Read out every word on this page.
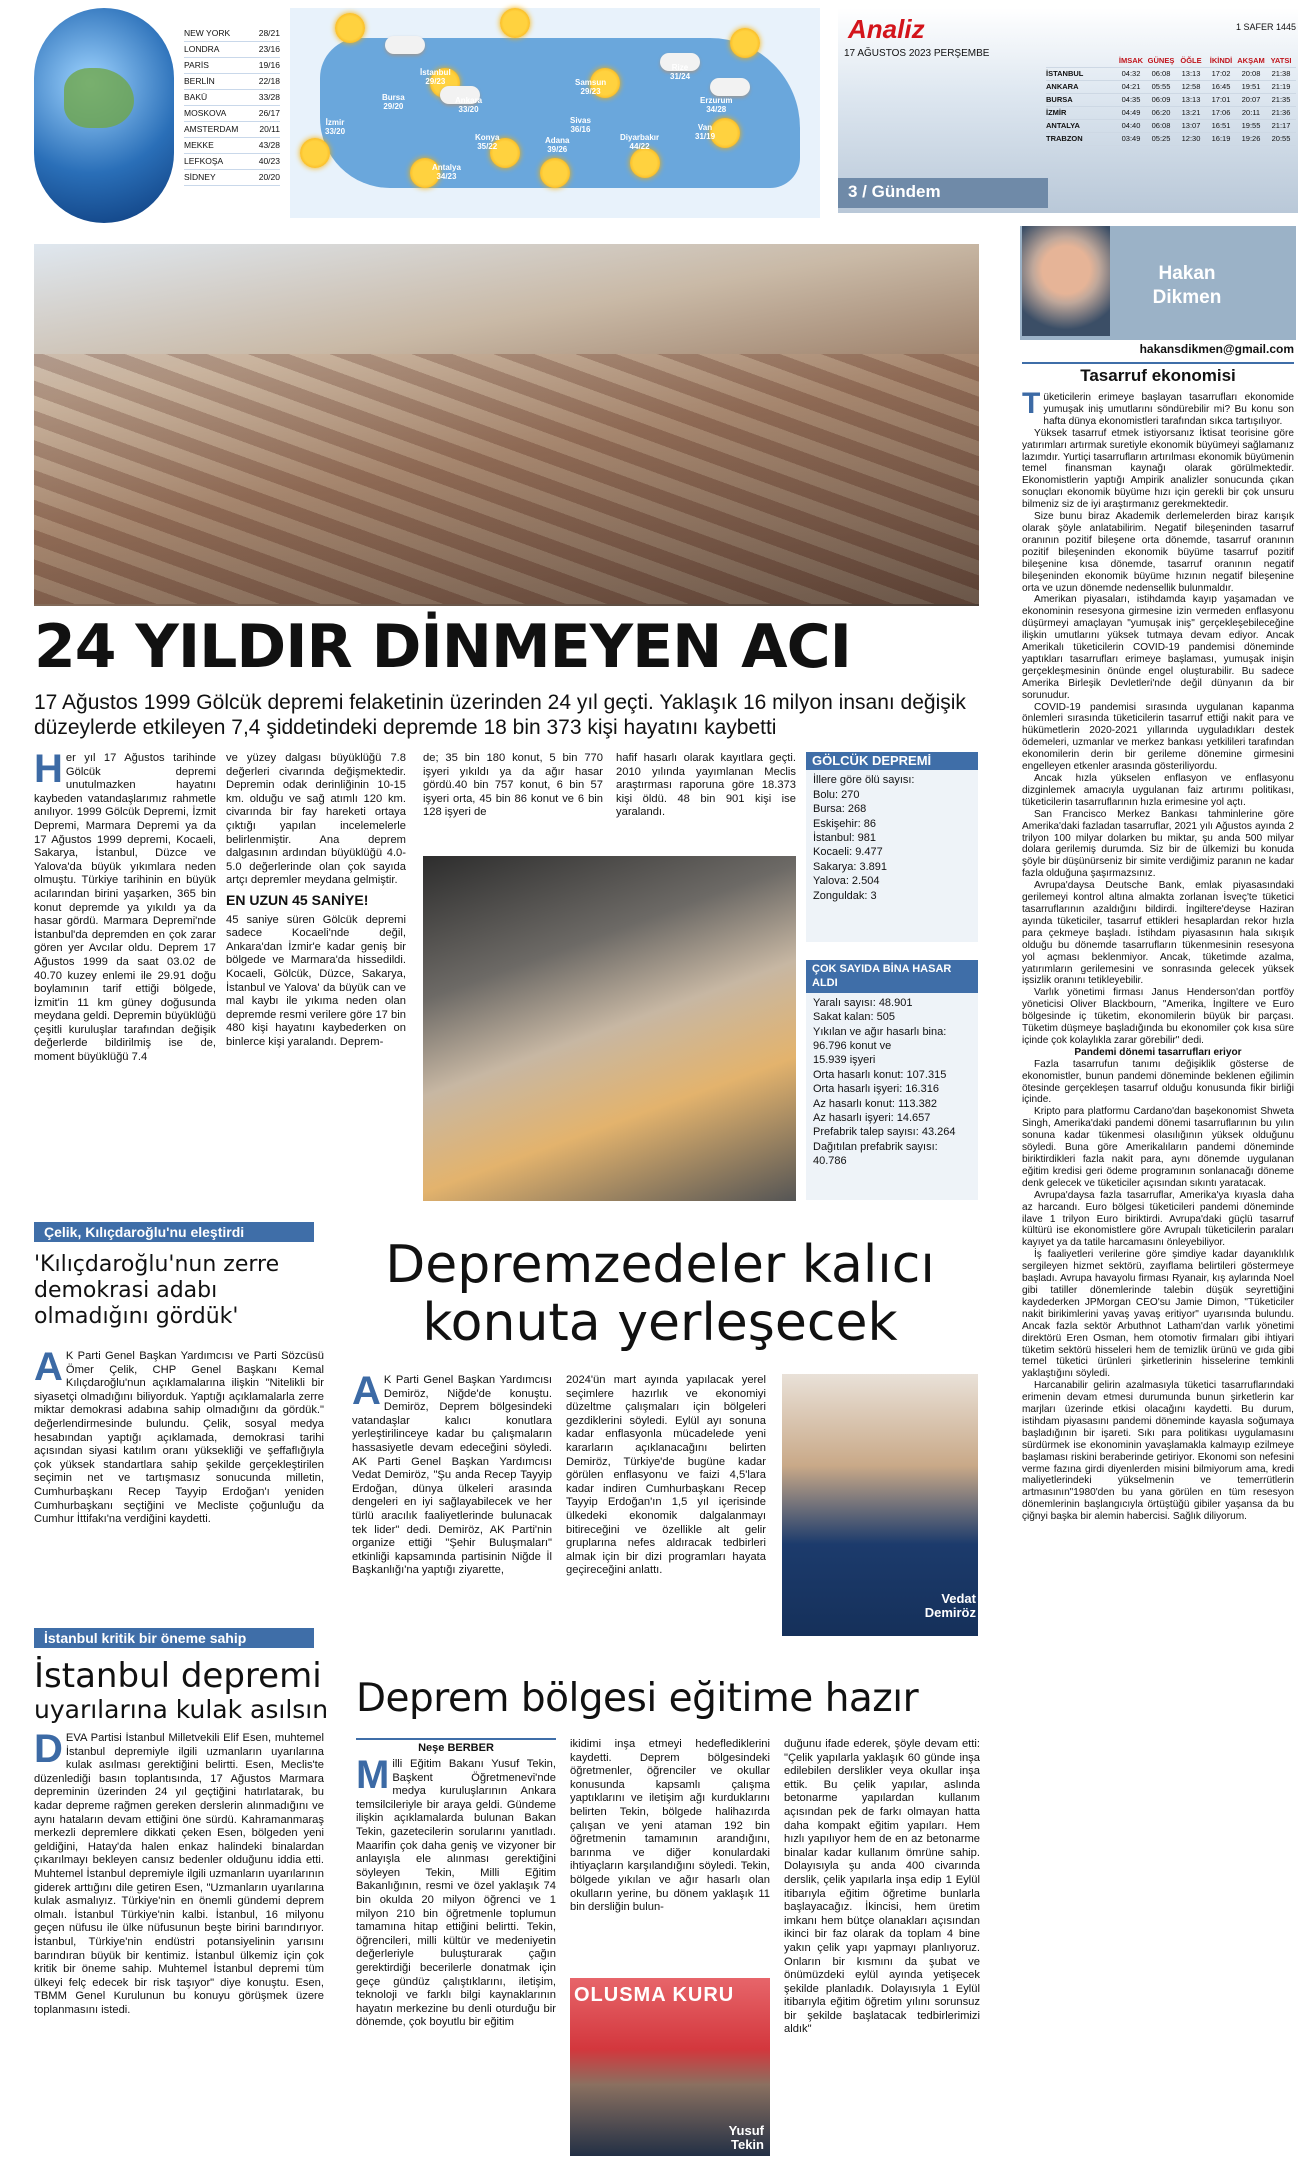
NEW YORK	28/21
LONDRA	23/16
PARİS	19/16
BERLİN	22/18
BAKÜ	33/28
MOSKOVA	26/17
AMSTERDAM 20/11
MEKKE	43/28
LEFKOŞA	40/23
SİDNEY	20/20
İstanbul
29/23
Bursa
29/20
Ankara
33/20
Samsun
29/23
Rize
31/24
Erzurum
34/28
İzmir
33/20
Konya
35/22
Sivas
36/16	Van
31/19
Diyarbakır
44/22
Adana
39/26
Antalya
34/23
Analiz
17 AĞUSTOS 2023 PERŞEMBE
1 SAFER 1445
İMSAK GÜNEŞ ÖĞLE	İKİNDİ AKŞAM YATSI
İSTANBUL	04:32	06:08	13:13	17:02	20:08	21:38
ANKARA	04:21	05:55	12:58	16:45	19:51	21:19
BURSA	04:35	06:09	13:13	17:01	20:07	21:35
İZMİR	04:49	06:20	13:21	17:06	20:11	21:36
ANTALYA	04:40	06:08	13:07	16:51	19:55	21:17
TRABZON	03:49	05:25	12:30	16:19	19:26	20:55
3 / Gündem
24 YILDIR DİNMEYEN ACI
17 Ağustos 1999 Gölcük depremi felaketinin üzerinden 24 yıl geçti. Yaklaşık 16 milyon insanı değişik düzeylerde etkileyen 7,4 şiddetindeki depremde 18 bin 373 kişi hayatını kaybetti
Her yıl 17 Ağustos tarihinde Gölcük depremi unutulmazken hayatını kaybeden vatandaşlarımız rahmetle anılıyor. 1999 Gölcük Depremi, İzmit Depremi, Marmara Depremi ya da 17 Ağustos 1999 depremi, Kocaeli, Sakarya, İstanbul, Düzce ve Yalova'da büyük yıkımlara neden olmuştu. Türkiye tarihinin en büyük acılarından birini yaşarken, 365 bin konut depremde ya yıkıldı ya da hasar gördü. Marmara Depremi'nde İstanbul'da depremden en çok zarar gören yer Avcılar oldu. Deprem 17 Ağustos 1999 da saat 03.02 de 40.70 kuzey enlemi ile 29.91 doğu boylamının tarif ettiği bölgede, İzmit'in 11 km güney doğusunda meydana geldi. Depremin büyüklüğü çeşitli kuruluşlar tarafından değişik değerlerde bildirilmiş ise de, moment büyüklüğü 7.4
ve yüzey dalgası büyüklüğü 7.8 değerleri civarında değişmektedir. Depremin odak derinliğinin 10-15 km. olduğu ve sağ atımlı 120 km. civarında bir fay hareketi ortaya çıktığı yapılan incelemelerle belirlenmiştir. Ana deprem dalgasının ardından büyüklüğü 4.0-5.0 değerlerinde olan çok sayıda artçı depremler meydana gelmiştir.
EN UZUN 45 SANİYE!
45 saniye süren Gölcük depremi sadece Kocaeli'nde değil, Ankara'dan İzmir'e kadar geniş bir bölgede ve Marmara'da hissedildi. Kocaeli, Gölcük, Düzce, Sakarya, İstanbul ve Yalova' da büyük can ve mal kaybı ile yıkıma neden olan depremde resmi verilere göre 17 bin 480 kişi hayatını kaybederken on binlerce kişi yaralandı. Deprem-
de; 35 bin 180 konut, 5 bin 770 işyeri yıkıldı ya da ağır hasar gördü.40 bin 757 konut, 6 bin 57 işyeri orta, 45 bin 86 konut ve 6 bin 128 işyeri de
hafif hasarlı olarak kayıtlara geçti. 2010 yılında yayımlanan Meclis araştırması raporuna göre 18.373 kişi öldü. 48 bin 901 kişi ise yaralandı.
GÖLCÜK DEPREMİ
İllere göre ölü sayısı:
Bolu: 270
Bursa: 268
Eskişehir: 86
İstanbul: 981
Kocaeli: 9.477
Sakarya: 3.891
Yalova: 2.504
Zonguldak: 3
ÇOK SAYIDA BİNA HASAR ALDI
Yaralı sayısı: 48.901
Sakat kalan: 505
Yıkılan ve ağır hasarlı bina: 96.796 konut ve
15.939 işyeri
Orta hasarlı konut: 107.315
Orta hasarlı işyeri: 16.316
Az hasarlı konut: 113.382
Az hasarlı işyeri: 14.657
Prefabrik talep sayısı: 43.264
Dağıtılan prefabrik sayısı: 40.786
Çelik, Kılıçdaroğlu'nu eleştirdi
'Kılıçdaroğlu'nun zerre demokrasi adabı olmadığını gördük'
A K Parti Genel Başkan Yardımcısı ve Parti Sözcüsü Ömer Çelik, CHP Genel Başkanı Kemal Kılıçdaroğlu'nun açıklamalarına ilişkin "Nitelikli bir siyasetçi olmadığını biliyorduk. Yaptığı açıklamalarla zerre miktar demokrasi adabına sahip olmadığını da gördük." değerlendirmesinde bulundu. Çelik, sosyal medya hesabından yaptığı açıklamada, demokrasi tarihi açısından siyasi katılım oranı yüksekliği ve şeffaflığıyla çok yüksek standartlara sahip şekilde gerçekleştirilen seçimin net ve tartışmasız sonucunda milletin, Cumhurbaşkanı Recep Tayyip Erdoğan'ı yeniden Cumhurbaşkanı seçtiğini ve Mecliste çoğunluğu da Cumhur İttifakı'na verdiğini kaydetti.
İstanbul kritik bir öneme sahip
İstanbul depremi
uyarılarına kulak asılsın
DEVA Partisi İstanbul Milletvekili Elif Esen, muhtemel İstanbul depremiyle ilgili uzmanların uyarılarına kulak asılması gerektiğini belirtti. Esen, Meclis'te düzenlediği basın toplantısında, 17 Ağustos Marmara depreminin üzerinden 24 yıl geçtiğini hatırlatarak, bu kadar depreme rağmen gereken derslerin alınmadığını ve aynı hataların devam ettiğini öne sürdü. Kahramanmaraş merkezli depremlere dikkati çeken Esen, bölgeden yeni geldiğini, Hatay'da halen enkaz halindeki binalardan çıkarılmayı bekleyen cansız bedenler olduğunu iddia etti. Muhtemel İstanbul depremiyle ilgili uzmanların uyarılarının giderek arttığını dile getiren Esen, "Uzmanların uyarılarına kulak asmalıyız. Türkiye'nin en önemli gündemi deprem olmalı. İstanbul Türkiye'nin kalbi. İstanbul, 16 milyonu geçen nüfusu ile ülke nüfusunun beşte birini barındırıyor. İstanbul, Türkiye'nin endüstri potansiyelinin yarısını barındıran büyük bir kentimiz. İstanbul ülkemiz için çok kritik bir öneme sahip. Muhtemel İstanbul depremi tüm ülkeyi felç edecek bir risk taşıyor" diye konuştu. Esen, TBMM Genel Kurulunun bu konuyu görüşmek üzere toplanmasını istedi.
Depremzedeler kalıcı konuta yerleşecek
A K Parti Genel Başkan Yardımcısı Demiröz, Niğde'de konuştu. Demiröz, Deprem bölgesindeki vatandaşlar kalıcı konutlara yerleştirilinceye kadar bu çalışmaların hassasiyetle devam edeceğini söyledi. AK Parti Genel Başkan Yardımcısı Vedat Demiröz, "Şu anda Recep Tayyip Erdoğan, dünya ülkeleri arasında dengeleri en iyi sağlayabilecek ve her türlü aracılık faaliyetlerinde bulunacak tek lider" dedi. Demiröz, AK Parti'nin organize ettiği "Şehir Buluşmaları" etkinliği kapsamında partisinin Niğde İl Başkanlığı'na yaptığı ziyarette,
2024'ün mart ayında yapılacak yerel seçimlere hazırlık ve ekonomiyi düzeltme çalışmaları için bölgeleri gezdiklerini söyledi. Eylül ayı sonuna kadar enflasyonla mücadelede yeni kararların açıklanacağını belirten Demiröz, Türkiye'de bugüne kadar görülen enflasyonu ve faizi 4,5'lara kadar indiren Cumhurbaşkanı Recep Tayyip Erdoğan'ın 1,5 yıl içerisinde ülkedeki ekonomik dalgalanmayı bitireceğini ve özellikle alt gelir gruplarına nefes aldıracak tedbirleri almak için bir dizi programları hayata geçireceğini anlattı.
Vedat Demiröz
Deprem bölgesi eğitime hazır
Neşe BERBER
Milli Eğitim Bakanı Yusuf Tekin, Başkent Öğretmenevi'nde medya kuruluşlarının Ankara temsilcileriyle bir araya geldi. Gündeme ilişkin açıklamalarda bulunan Bakan Tekin, gazetecilerin sorularını yanıtladı. Maarifin çok daha geniş ve vizyoner bir anlayışla ele alınması gerektiğini söyleyen Tekin, Milli Eğitim Bakanlığının, resmi ve özel yaklaşık 74 bin okulda 20 milyon öğrenci ve 1 milyon 210 bin öğretmenle toplumun tamamına hitap ettiğini belirtti. Tekin, öğrencileri, milli kültür ve medeniyetin değerleriyle buluşturarak çağın gerektirdiği becerilerle donatmak için geçe gündüz çalıştıklarını, iletişim, teknoloji ve farklı bilgi kaynaklarının hayatın merkezine bu denli oturduğu bir dönemde, çok boyutlu bir eğitim
ikidimi inşa etmeyi hedeflediklerini kaydetti. Deprem bölgesindeki öğretmenler, öğrenciler ve okullar konusunda kapsamlı çalışma yaptıklarını ve iletişim ağı kurduklarını belirten Tekin, bölgede halihazırda çalışan ve yeni ataman 192 bin öğretmenin tamamının arandığını, barınma ve diğer konulardaki ihtiyaçların karşılandığını söyledi. Tekin, bölgede yıkılan ve ağır hasarlı olan okulların yerine, bu dönem yaklaşık 11 bin dersliğin bulun-
OLUSMA KURU
Yusuf Tekin
duğunu ifade ederek, şöyle devam etti: "Çelik yapılarla yaklaşık 60 günde inşa edilebilen derslikler veya okullar inşa ettik. Bu çelik yapılar, aslında betonarme yapılardan kullanım açısından pek de farkı olmayan hatta daha kompakt eğitim yapıları. Hem hızlı yapılıyor hem de en az betonarme binalar kadar kullanım ömrüne sahip. Dolayısıyla şu anda 400 civarında derslik, çelik yapılarla inşa edip 1 Eylül itibarıyla eğitim öğretime bunlarla başlayacağız. İkincisi, hem üretim imkanı hem bütçe olanakları açısından ikinci bir faz olarak da toplam 4 bine yakın çelik yapı yapmayı planlıyoruz. Onların bir kısmını da şubat ve önümüzdeki eylül ayında yetişecek şekilde planladık. Dolayısıyla 1 Eylül itibarıyla eğitim öğretim yılını sorunsuz bir şekilde başlatacak tedbirlerimizi aldık"
Hakan
Dikmen
hakansdikmen@gmail.com
Tasarruf ekonomisi

Tüketicilerin erimeye başlayan tasarrufları ekonomide yumuşak iniş umutlarını söndürebilir mi? Bu konu son hafta dünya ekonomistleri tarafından sıkca tartışılıyor.

Yüksek tasarruf etmek istiyorsanız İktisat teorisine göre yatırımları artırmak suretiyle ekonomik büyümeyi sağlamanız lazımdır. Yurtiçi tasarrufların artırılması ekonomik büyümenin temel finansman kaynağı olarak görülmektedir. Ekonomistlerin yaptığı Ampirik analizler sonucunda çıkan sonuçları ekonomik büyüme hızı için gerekli bir çok unsuru bilmeniz siz de iyi araştırmanız gerekmektedir.

Size bunu biraz Akademik derlemelerden biraz karışık olarak şöyle anlatabilirim. Negatif bileşeninden tasarruf oranının pozitif bileşene orta dönemde, tasarruf oranının pozitif bileşeninden ekonomik büyüme tasarruf pozitif bileşenine kısa dönemde, tasarruf oranının negatif bileşeninden ekonomik büyüme hızının negatif bileşenine orta ve uzun dönemde nedensellik bulunmaldır.

Amerikan piyasaları, istihdamda kayıp yaşamadan ve ekonominin resesyona girmesine izin vermeden enflasyonu düşürmeyi amaçlayan "yumuşak iniş" gerçekleşebileceğine ilişkin umutlarını yüksek tutmaya devam ediyor. Ancak Amerikalı tüketicilerin COVID-19 pandemisi döneminde yaptıkları tasarrufları erimeye başlaması, yumuşak inişin gerçekleşmesinin önünde engel oluşturabilir. Bu sadece Amerika Birleşik Devletleri'nde değil dünyanın da bir sorunudur.

COVID-19 pandemisi sırasında uygulanan kapanma önlemleri sırasında tüketicilerin tasarruf ettiği nakit para ve hükümetlerin 2020-2021 yıllarında uyguladıkları destek ödemeleri, uzmanlar ve merkez bankası yetkilileri tarafından ekonomilerin derin bir gerileme dönemine girmesini engelleyen etkenler arasında gösteriliyordu.

Ancak hızla yükselen enflasyon ve enflasyonu dizginlemek amacıyla uygulanan faiz artırımı politikası, tüketicilerin tasarruflarının hızla erimesine yol açtı.

San Francisco Merkez Bankası tahminlerine göre Amerika'daki fazladan tasarruflar, 2021 yılı Ağustos ayında 2 trilyon 100 milyar dolarken bu miktar, şu anda 500 milyar dolara gerilemiş durumda. Siz bir de ülkemizi bu konuda şöyle bir düşünürseniz bir simite verdiğimiz paranın ne kadar fazla olduğuna şaşırmazsınız.

Avrupa'daysa Deutsche Bank, emlak piyasasındaki gerilemeyi kontrol altına almakta zorlanan İsveç'te tüketici tasarruflarının azaldığını bildirdi. İngiltere'deyse Haziran ayında tüketiciler, tasarruf ettikleri hesaplardan rekor hızla para çekmeye başladı. İstihdam piyasasının hala sıkışık olduğu bu dönemde tasarrufların tükenmesinin resesyona yol açması beklenmiyor. Ancak, tüketimde azalma, yatırımların gerilemesini ve sonrasında gelecek yüksek işsizlik oranını tetikleyebilir.

Varlık yönetimi firması Janus Henderson'dan portföy yöneticisi Oliver Blackbourn, "Amerika, İngiltere ve Euro bölgesinde iç tüketim, ekonomilerin büyük bir parçası. Tüketim düşmeye başladığında bu ekonomiler çok kısa süre içinde çok kolaylıkla zarar görebilir" dedi.

Pandemi dönemi tasarrufları eriyor

Fazla tasarrufun tanımı değişiklik gösterse de ekonomistler, bunun pandemi döneminde beklenen eğilimin ötesinde gerçekleşen tasarruf olduğu konusunda fikir birliği içinde.

Kripto para platformu Cardano'dan başekonomist Shweta Singh, Amerika'daki pandemi dönemi tasarruflarının bu yılın sonuna kadar tükenmesi olasılığının yüksek olduğunu söyledi. Buna göre Amerikalıların pandemi döneminde biriktirdikleri fazla nakit para, aynı dönemde uygulanan eğitim kredisi geri ödeme programının sonlanacağı döneme denk gelecek ve tüketiciler açısından sıkıntı yaratacak.

Avrupa'daysa fazla tasarruflar, Amerika'ya kıyasla daha az harcandı. Euro bölgesi tüketicileri pandemi döneminde ilave 1 trilyon Euro biriktirdi. Avrupa'daki güçlü tasarruf kültürü ise ekonomistlere göre Avrupalı tüketicilerin paraları kayıyet ya da tatile harcamasını önleyebiliyor.

İş faaliyetleri verilerine göre şimdiye kadar dayanıklılık sergileyen hizmet sektörü, zayıflama belirtileri göstermeye başladı. Avrupa havayolu firması Ryanair, kış aylarında Noel gibi tatiller dönemlerinde talebin düşük seyrettiğini kaydederken JPMorgan CEO'su Jamie Dimon, "Tüketiciler nakit birikimlerini yavaş yavaş eritiyor" uyarısında bulundu. Ancak fazla sektör Arbuthnot Latham'dan varlık yönetimi direktörü Eren Osman, hem otomotiv firmaları gibi ihtiyari tüketim sektörü hisseleri hem de temizlik ürünü ve gıda gibi temel tüketici ürünleri şirketlerinin hisselerine temkinli yaklaştığını söyledi.

Harcanabilir gelirin azalmasıyla tüketici tasarruflarındaki erimenin devam etmesi durumunda bunun şirketlerin kar marjları üzerinde etkisi olacağını kaydetti. Bu durum, istihdam piyasasını pandemi döneminde kayasla soğumaya başladığının bir işareti. Sıkı para politikası uygulamasını sürdürmek ise ekonominin yavaşlamakla kalmayıp ezilmeye başlaması riskini beraberinde getiriyor. Ekonomi son nefesini verme fazına girdi diyenlerden misini bilmiyorum ama, kredi maliyetlerindeki yükselmenin ve temerrütlerin artmasının"1980'den bu yana görülen en tüm resesyon dönemlerinin başlangıcıyla örtüştüğü gibiler yaşansa da bu çiğnyi başka bir alemin habercisi. Sağlık diliyorum.
